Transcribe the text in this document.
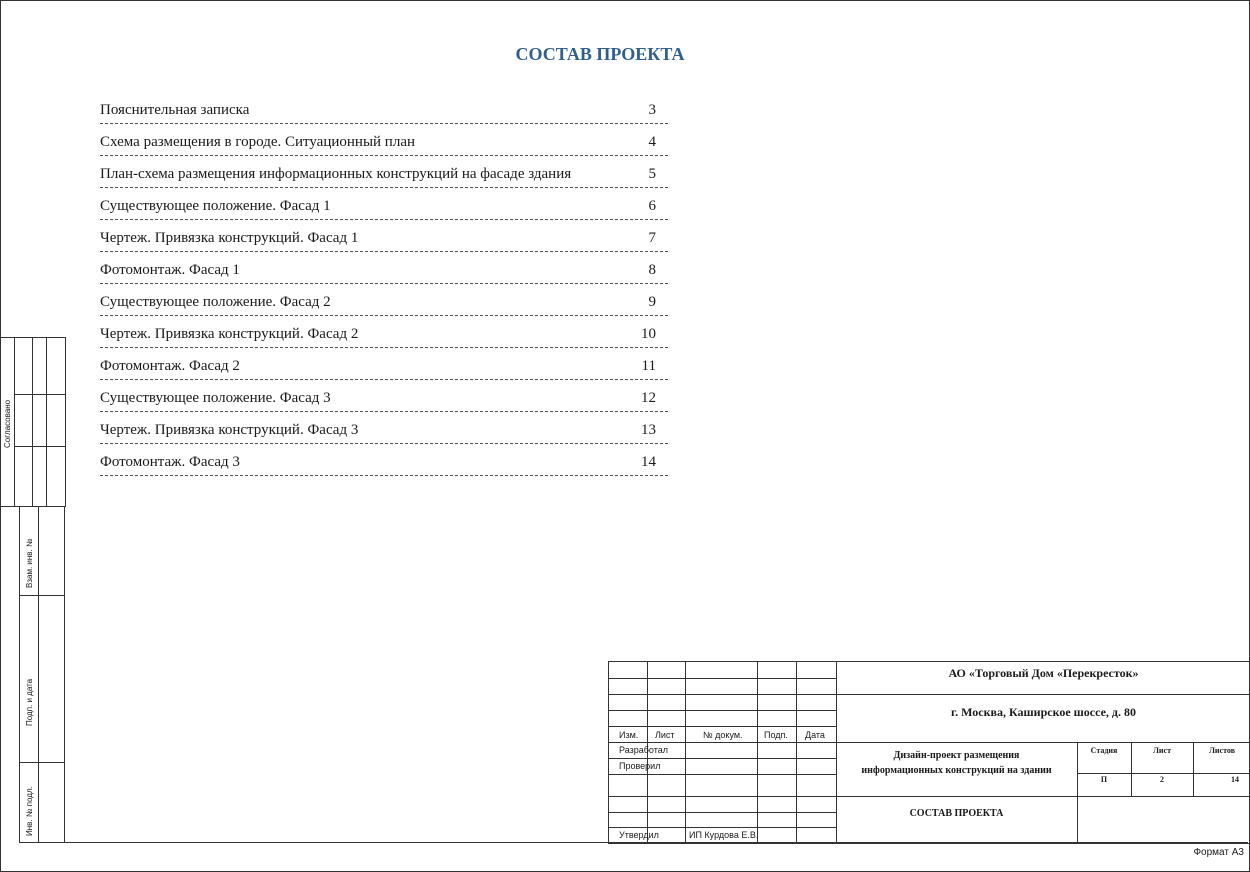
СОСТАВ ПРОЕКТА
Пояснительная записка	3
Схема размещения в городе. Ситуационный план	4
План-схема размещения информационных конструкций на фасаде здания	5
Существующее положение. Фасад 1	6
Чертеж. Привязка конструкций. Фасад 1	7
Фотомонтаж. Фасад 1	8
Существующее положение. Фасад 2	9
Чертеж. Привязка конструкций. Фасад 2	10
Фотомонтаж. Фасад 2	11
Существующее положение. Фасад 3	12
Чертеж. Привязка конструкций. Фасад 3	13
Фотомонтаж. Фасад 3	14
Согласовано
Взам. инв. №
Подп. и дата
Инв. № подл.
Изм. Лист	№ докум. Подп. Дата
Разработал
Проверил
Утвердил	ИП Курдова Е.В.
АО «Торговый Дом «Перекресток»
г. Москва, Каширское шоссе, д. 80
Дизайн-проект размещения
информационных конструкций на здании
СОСТАВ ПРОЕКТА
Стадия	Лист	Листов
П	2	14
Формат А3
